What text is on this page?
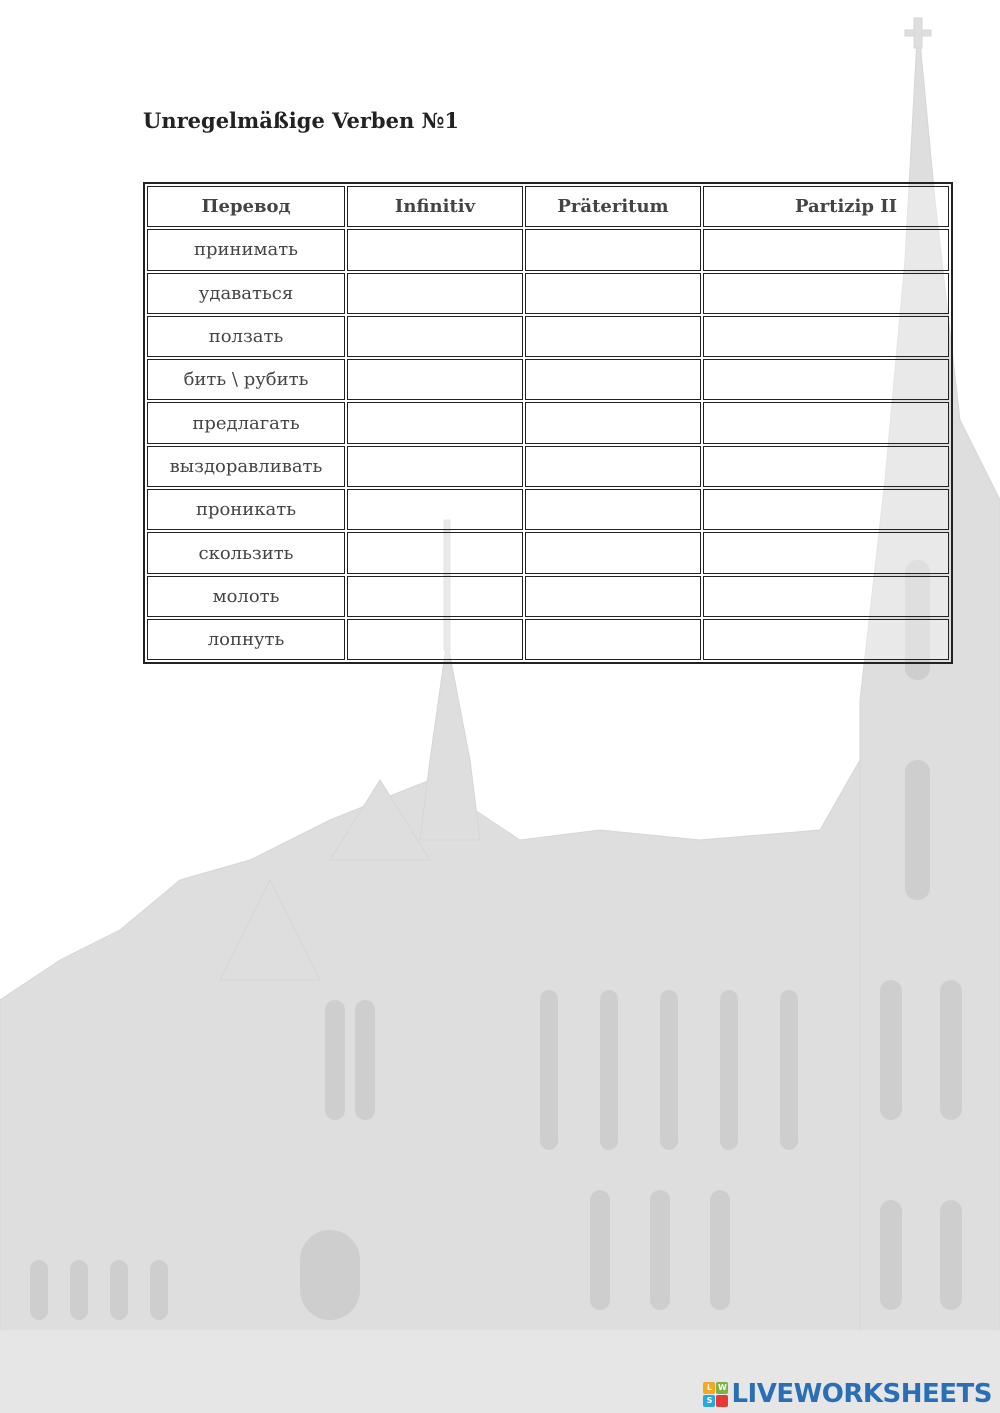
Unregelmäßige Verben №1
Перевод	Infinitiv	Präteritum	Partizip II
принимать
удаваться
ползать
бить \ рубить
предлагать
выздоравливать
проникать
скользить
молоть
лопнуть
L W
S LIVEWORKSHEETS
